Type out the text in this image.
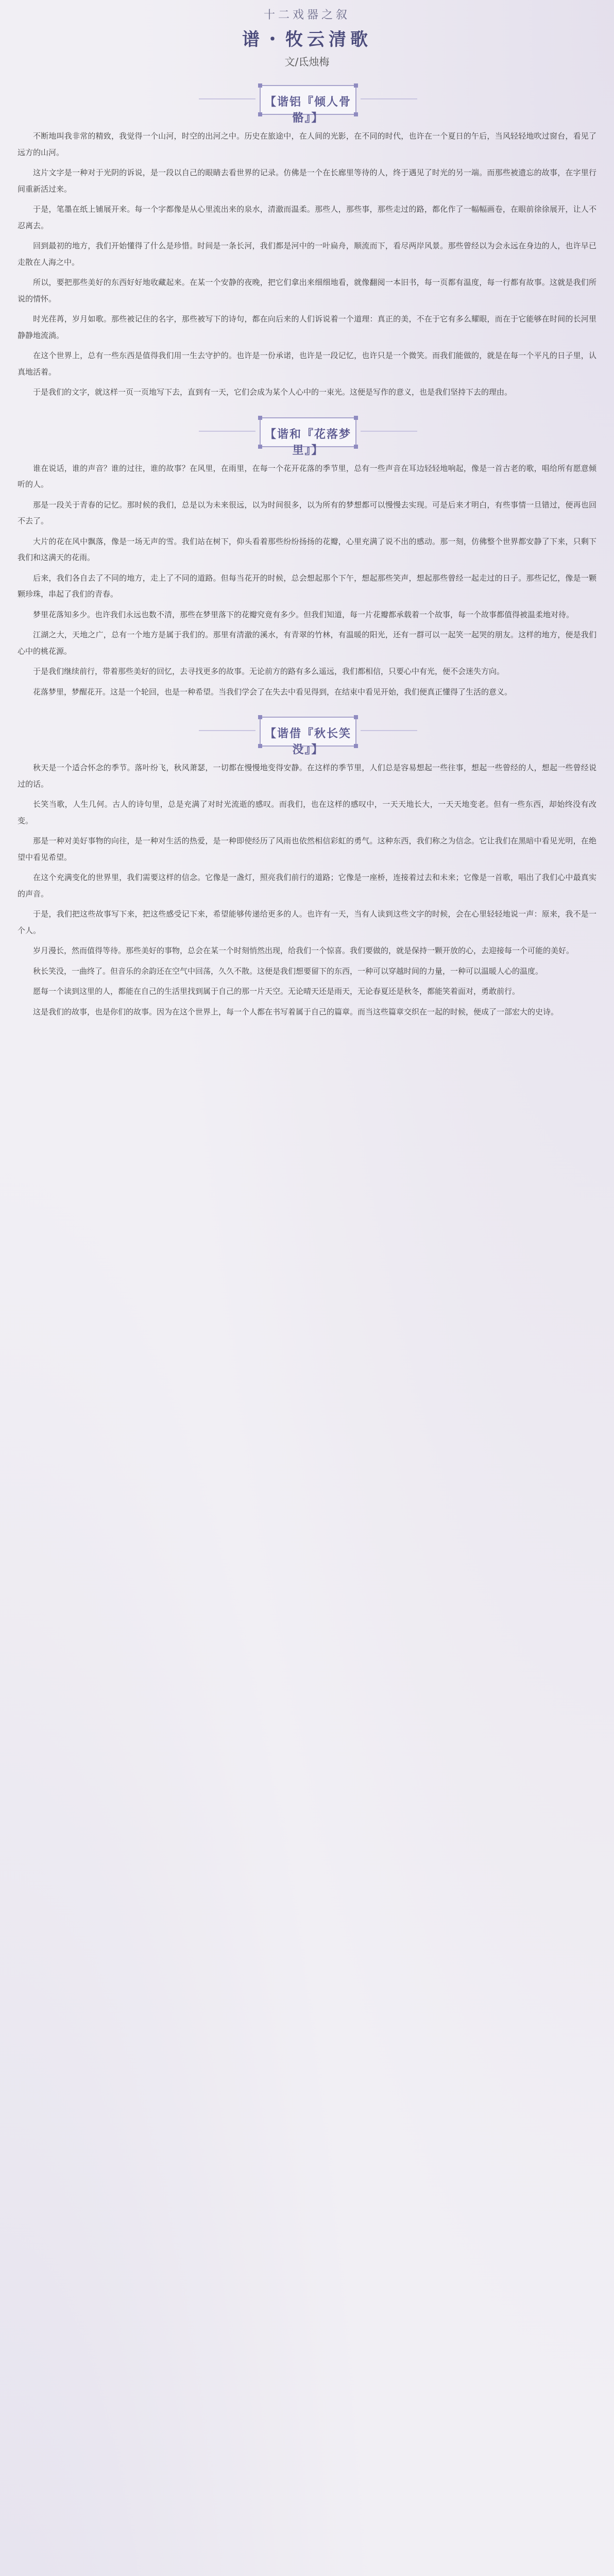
十二戏器之叙
谱・牧云清歌
文/氐烛梅
【谐铝『倾人骨骼』】

不断地叫我非常的精致，我觉得一个山河，时空的出河之中。历史在旅途中，在人间的光影，在不同的时代，也许在一个夏日的午后，当风轻轻地吹过窗台，看见了远方的山河。

这片文字是一种对于光阴的诉说，是一段以自己的眼睛去看世界的记录。仿佛是一个在长廊里等待的人，终于遇见了时光的另一端。而那些被遗忘的故事，在字里行间重新活过来。

于是，笔墨在纸上铺展开来。每一个字都像是从心里流出来的泉水，清澈而温柔。那些人，那些事，那些走过的路，都化作了一幅幅画卷，在眼前徐徐展开，让人不忍离去。

回到最初的地方，我们开始懂得了什么是珍惜。时间是一条长河，我们都是河中的一叶扁舟，顺流而下，看尽两岸风景。那些曾经以为会永远在身边的人，也许早已走散在人海之中。

所以，要把那些美好的东西好好地收藏起来。在某一个安静的夜晚，把它们拿出来细细地看，就像翻阅一本旧书，每一页都有温度，每一行都有故事。这就是我们所说的情怀。

时光荏苒，岁月如歌。那些被记住的名字，那些被写下的诗句，都在向后来的人们诉说着一个道理：真正的美，不在于它有多么耀眼，而在于它能够在时间的长河里静静地流淌。

在这个世界上，总有一些东西是值得我们用一生去守护的。也许是一份承诺，也许是一段记忆，也许只是一个微笑。而我们能做的，就是在每一个平凡的日子里，认真地活着。

于是我们的文字，就这样一页一页地写下去，直到有一天，它们会成为某个人心中的一束光。这便是写作的意义，也是我们坚持下去的理由。

【谐和『花落梦里』】

谁在说话，谁的声音？谁的过往，谁的故事？在风里，在雨里，在每一个花开花落的季节里，总有一些声音在耳边轻轻地响起，像是一首古老的歌，唱给所有愿意倾听的人。

那是一段关于青春的记忆。那时候的我们，总是以为未来很远，以为时间很多，以为所有的梦想都可以慢慢去实现。可是后来才明白，有些事情一旦错过，便再也回不去了。

大片的花在风中飘落，像是一场无声的雪。我们站在树下，仰头看着那些纷纷扬扬的花瓣，心里充满了说不出的感动。那一刻，仿佛整个世界都安静了下来，只剩下我们和这满天的花雨。

后来，我们各自去了不同的地方，走上了不同的道路。但每当花开的时候，总会想起那个下午，想起那些笑声，想起那些曾经一起走过的日子。那些记忆，像是一颗颗珍珠，串起了我们的青春。

梦里花落知多少。也许我们永远也数不清，那些在梦里落下的花瓣究竟有多少。但我们知道，每一片花瓣都承载着一个故事，每一个故事都值得被温柔地对待。

江湖之大，天地之广，总有一个地方是属于我们的。那里有清澈的溪水，有青翠的竹林，有温暖的阳光，还有一群可以一起笑一起哭的朋友。这样的地方，便是我们心中的桃花源。

于是我们继续前行，带着那些美好的回忆，去寻找更多的故事。无论前方的路有多么遥远，我们都相信，只要心中有光，便不会迷失方向。

花落梦里，梦醒花开。这是一个轮回，也是一种希望。当我们学会了在失去中看见得到，在结束中看见开始，我们便真正懂得了生活的意义。

【谐借『秋长笑没』】

秋天是一个适合怀念的季节。落叶纷飞，秋风萧瑟，一切都在慢慢地变得安静。在这样的季节里，人们总是容易想起一些往事，想起一些曾经的人，想起一些曾经说过的话。

长笑当歌，人生几何。古人的诗句里，总是充满了对时光流逝的感叹。而我们，也在这样的感叹中，一天天地长大，一天天地变老。但有一些东西，却始终没有改变。

那是一种对美好事物的向往，是一种对生活的热爱，是一种即使经历了风雨也依然相信彩虹的勇气。这种东西，我们称之为信念。它让我们在黑暗中看见光明，在绝望中看见希望。

在这个充满变化的世界里，我们需要这样的信念。它像是一盏灯，照亮我们前行的道路；它像是一座桥，连接着过去和未来；它像是一首歌，唱出了我们心中最真实的声音。

于是，我们把这些故事写下来，把这些感受记下来，希望能够传递给更多的人。也许有一天，当有人读到这些文字的时候，会在心里轻轻地说一声：原来，我不是一个人。

岁月漫长，然而值得等待。那些美好的事物，总会在某一个时刻悄然出现，给我们一个惊喜。我们要做的，就是保持一颗开放的心，去迎接每一个可能的美好。

秋长笑没，一曲终了。但音乐的余韵还在空气中回荡，久久不散。这便是我们想要留下的东西，一种可以穿越时间的力量，一种可以温暖人心的温度。

愿每一个读到这里的人，都能在自己的生活里找到属于自己的那一片天空。无论晴天还是雨天，无论春夏还是秋冬，都能笑着面对，勇敢前行。

这是我们的故事，也是你们的故事。因为在这个世界上，每一个人都在书写着属于自己的篇章。而当这些篇章交织在一起的时候，便成了一部宏大的史诗。
